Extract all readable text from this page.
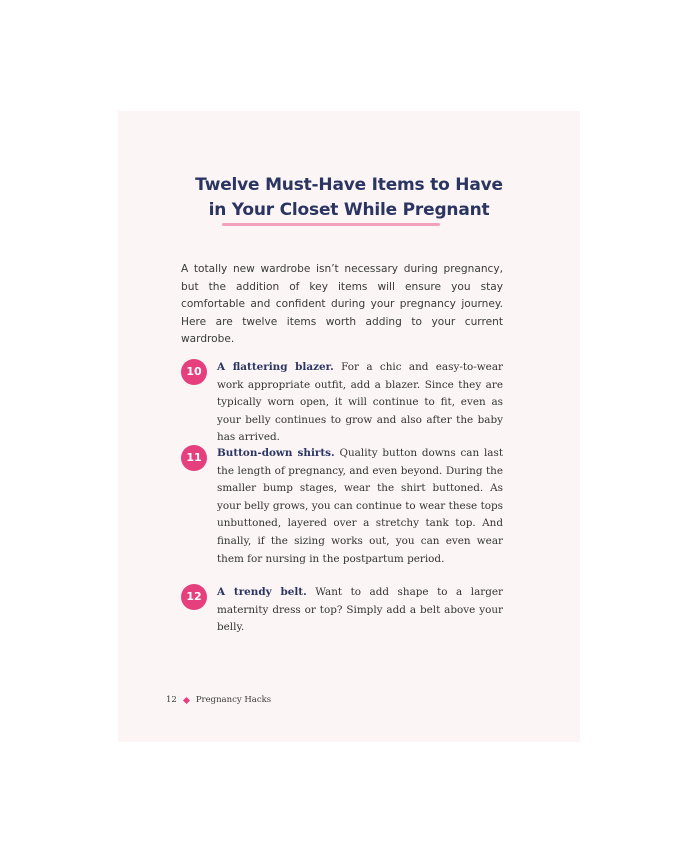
Twelve Must-Have Items to Have
in Your Closet While Pregnant

A totally new wardrobe isn’t necessary during pregnancy, but the addition of key items will ensure you stay comfortable and confident during your pregnancy journey. Here are twelve items worth adding to your current wardrobe.

10	A flattering blazer. For a chic and easy-to-wear work appropriate outfit, add a blazer. Since they are typically worn open, it will continue to fit, even as your belly continues to grow and also after the baby has arrived.

11	Button-down shirts. Quality button downs can last the length of pregnancy, and even beyond. During the smaller bump stages, wear the shirt buttoned. As your belly grows, you can continue to wear these tops unbuttoned, layered over a stretchy tank top. And finally, if the sizing works out, you can even wear them for nursing in the postpartum period.

12	A trendy belt. Want to add shape to a larger maternity dress or top? Simply add a belt above your belly.

12 Pregnancy Hacks
